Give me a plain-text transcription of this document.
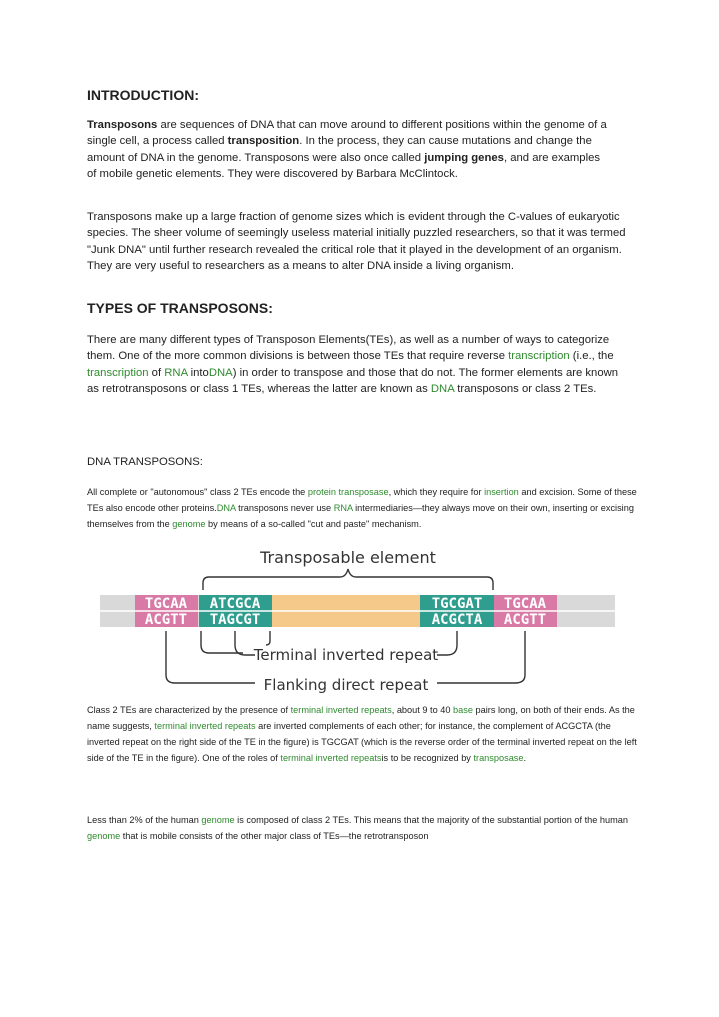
INTRODUCTION:

Transposons are sequences of DNA that can move around to different positions within the genome of a single cell, a process called transposition. In the process, they can cause mutations and change the amount of DNA in the genome. Transposons were also once called jumping genes, and are examples of mobile genetic elements. They were discovered by Barbara McClintock.

Transposons make up a large fraction of genome sizes which is evident through the C-values of eukaryotic species. The sheer volume of seemingly useless material initially puzzled researchers, so that it was termed "Junk DNA" until further research revealed the critical role that it played in the development of an organism. They are very useful to researchers as a means to alter DNA inside a living organism.

TYPES OF TRANSPOSONS:

There are many different types of Transposon Elements(TEs), as well as a number of ways to categorize them. One of the more common divisions is between those TEs that require reverse transcription (i.e., the transcription of RNA intoDNA) in order to transpose and those that do not. The former elements are known as retrotransposons or class 1 TEs, whereas the latter are known as DNA transposons or class 2 TEs.

DNA TRANSPOSONS:

All complete or "autonomous" class 2 TEs encode the protein transposase, which they require for insertion and excision. Some of these TEs also encode other proteins.DNA transposons never use RNA intermediaries—they always move on their own, inserting or excising themselves from the genome by means of a so-called "cut and paste" mechanism.

Transposable element
TGCAA ATCGCA	TGCGAT TGCAA
ACGTT TAGCGT	ACGCTA ACGTT
Terminal inverted repeat
Flanking direct repeat

Class 2 TEs are characterized by the presence of terminal inverted repeats, about 9 to 40 base pairs long, on both of their ends. As the name suggests, terminal inverted repeats are inverted complements of each other; for instance, the complement of ACGCTA (the inverted repeat on the right side of the TE in the figure) is TGCGAT (which is the reverse order of the terminal inverted repeat on the left side of the TE in the figure). One of the roles of terminal inverted repeatsis to be recognized by transposase.

Less than 2% of the human genome is composed of class 2 TEs. This means that the majority of the substantial portion of the human genome that is mobile consists of the other major class of TEs—the retrotransposon
